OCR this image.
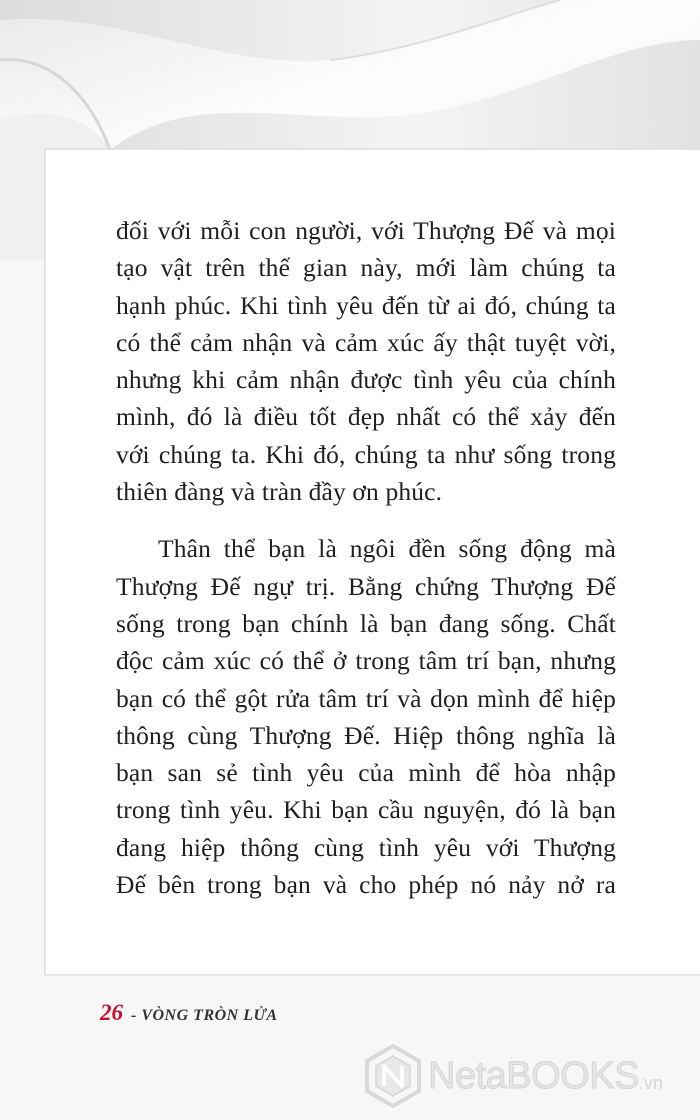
đối với mỗi con người, với Thượng Đế và mọi
tạo vật trên thế gian này, mới làm chúng ta
hạnh phúc. Khi tình yêu đến từ ai đó, chúng ta
có thể cảm nhận và cảm xúc ấy thật tuyệt vời,
nhưng khi cảm nhận được tình yêu của chính
mình, đó là điều tốt đẹp nhất có thể xảy đến
với chúng ta. Khi đó, chúng ta như sống trong
thiên đàng và tràn đầy ơn phúc.
Thân thể bạn là ngôi đền sống động mà
Thượng Đế ngự trị. Bằng chứng Thượng Đế
sống trong bạn chính là bạn đang sống. Chất
độc cảm xúc có thể ở trong tâm trí bạn, nhưng
bạn có thể gột rửa tâm trí và dọn mình để hiệp
thông cùng Thượng Đế. Hiệp thông nghĩa là
bạn san sẻ tình yêu của mình để hòa nhập
trong tình yêu. Khi bạn cầu nguyện, đó là bạn
đang hiệp thông cùng tình yêu với Thượng
Đế bên trong bạn và cho phép nó nảy nở ra
26 - VÒNG TRÒN LỬA
NetaBOOKS .vn
